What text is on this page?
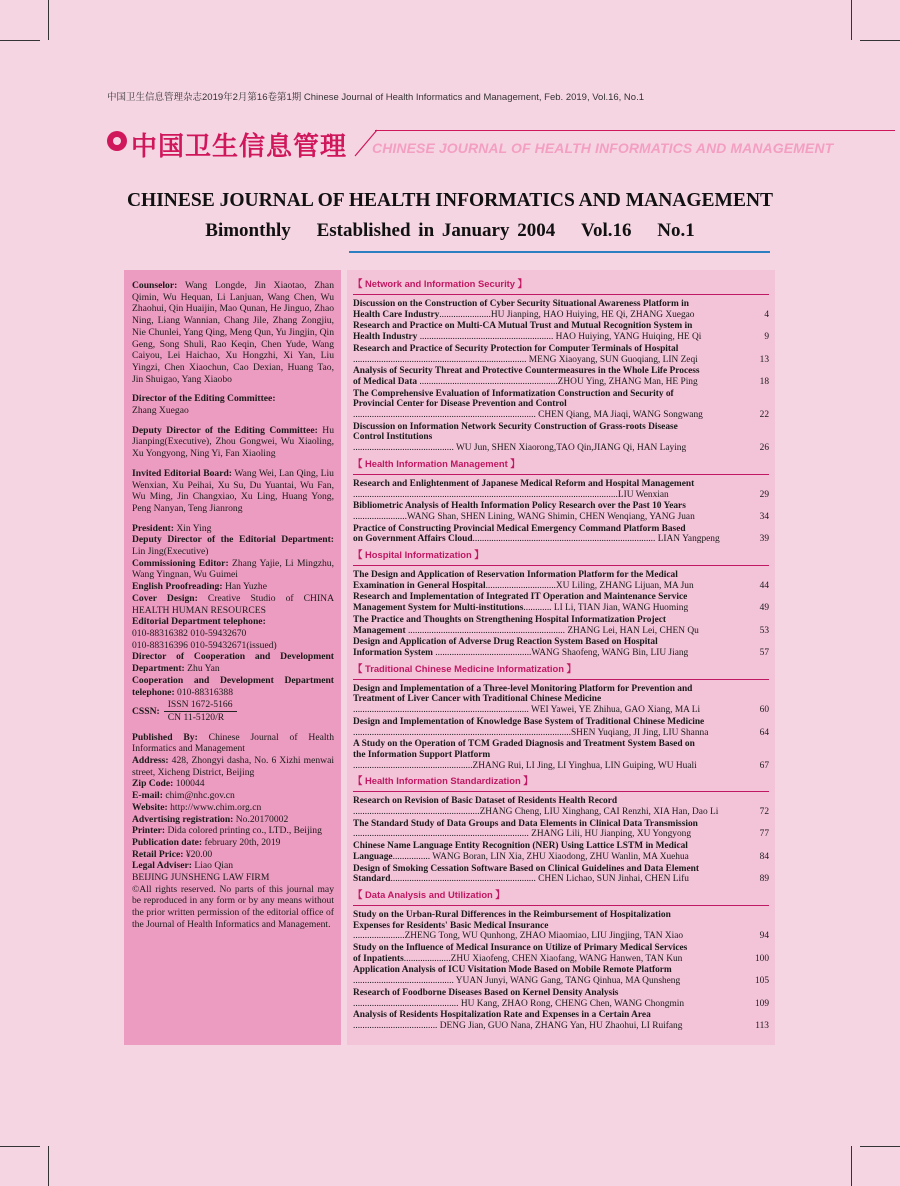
中国卫生信息管理杂志2019年2月第16卷第1期 Chinese Journal of Health Informatics and Management, Feb. 2019, Vol.16, No.1
中国卫生信息管理 CHINESE JOURNAL OF HEALTH INFORMATICS AND MANAGEMENT
CHINESE JOURNAL OF HEALTH INFORMATICS AND MANAGEMENT
Bimonthly Established in January 2004 Vol.16 No.1

Counselor: Wang Longde, Jin Xiaotao, Zhan Qimin, Wu Hequan, Li Lanjuan, Wang Chen, Wu Zhaohui, Qin Huaijin, Mao Qunan, He Jinguo, Zhao Ning, Liang Wannian, Chang Jile, Zhang Zongjiu, Nie Chunlei, Yang Qing, Meng Qun, Yu Jingjin, Qin Geng, Song Shuli, Rao Keqin, Chen Yude, Wang Caiyou, Lei Haichao, Xu Hongzhi, Xi Yan, Liu Yingzi, Chen Xiaochun, Cao Dexian, Huang Tao, Jin Shuigao, Yang Xiaobo

Director of the Editing Committee:
Zhang Xuegao

Deputy Director of the Editing Committee: Hu Jianping(Executive), Zhou Gongwei, Wu Xiaoling, Xu Yongyong, Ning Yi, Fan Xiaoling

Invited Editorial Board: Wang Wei, Lan Qing, Liu Wenxian, Xu Peihai, Xu Su, Du Yuantai, Wu Fan, Wu Ming, Jin Changxiao, Xu Ling, Huang Yong, Peng Nanyan, Teng Jianrong

President: Xin Ying

Deputy Director of the Editorial Department: Lin Jing(Executive)

Commissioning Editor: Zhang Yajie, Li Mingzhu, Wang Yingnan, Wu Guimei

English Proofreading: Han Yuzhe

Cover Design: Creative Studio of CHINA HEALTH HUMAN RESOURCES

Editorial Department telephone:
010-88316382 010-59432670
010-88316396 010-59432671(issued)

Director of Cooperation and Development Department: Zhu Yan

Cooperation and Development Department telephone: 010-88316388

CSSN:
ISSN 1672-5166
CN 11-5120/R

Published By: Chinese Journal of Health Informatics and Management

Address: 428, Zhongyi dasha, No. 6 Xizhi menwai street, Xicheng District, Beijing

Zip Code: 100044

E-mail: chim@nhc.gov.cn

Website: http://www.chim.org.cn

Advertising registration: No.20170002

Printer: Dida colored printing co., LTD., Beijing

Publication date: february 20th, 2019

Retail Price: ¥20.00

Legal Adviser: Liao Qian

BEIJING JUNSHENG LAW FIRM

©All rights reserved. No parts of this journal may be reproduced in any form or by any means without the prior written permission of the editorial office of the Journal of Health Informatics and Management.

【 Network and Information Security 】
Discussion on the Construction of Cyber Security Situational Awareness Platform in
Health Care Industry......................HU Jianping, HAO Huiying, HE Qi, ZHANG Xuegao	4
Research and Practice on Multi-CA Mutual Trust and Mutual Recognition System in
Health Industry ......................................................... HAO Huiying, YANG Huiqing, HE Qi	9
Research and Practice of Security Protection for Computer Terminals of Hospital
.......................................................................... MENG Xiaoyang, SUN Guoqiang, LIN Zeqi	13
Analysis of Security Threat and Protective Countermeasures in the Whole Life Process
of Medical Data ...........................................................ZHOU Ying, ZHANG Man, HE Ping	18
The Comprehensive Evaluation of Informatization Construction and Security of
Provincial Center for Disease Prevention and Control
.............................................................................. CHEN Qiang, MA Jiaqi, WANG Songwang	22
Discussion on Information Network Security Construction of Grass-roots Disease
Control Institutions
........................................... WU Jun, SHEN Xiaorong,TAO Qin,JIANG Qi, HAN Laying	26
【 Health Information Management 】
Research and Enlightenment of Japanese Medical Reform and Hospital Management
.................................................................................................................LIU Wenxian	29
Bibliometric Analysis of Health Information Policy Research over the Past 10 Years
.......................WANG Shan, SHEN Lining, WANG Shimin, CHEN Wenqiang, YANG Juan	34
Practice of Constructing Provincial Medical Emergency Command Platform Based
on Government Affairs Cloud.............................................................................. LIAN Yangpeng	39
【 Hospital Informatization 】
The Design and Application of Reservation Information Platform for the Medical
Examination in General Hospital..............................XU Liling, ZHANG Lijuan, MA Jun	44
Research and Implementation of Integrated IT Operation and Maintenance Service
Management System for Multi-institutions............ LI Li, TIAN Jian, WANG Huoming	49
The Practice and Thoughts on Strengthening Hospital Informatization Project
Management ................................................................... ZHANG Lei, HAN Lei, CHEN Qu	53
Design and Application of Adverse Drug Reaction System Based on Hospital
Information System .........................................WANG Shaofeng, WANG Bin, LIU Jiang	57
【 Traditional Chinese Medicine Informatization 】
Design and Implementation of a Three-level Monitoring Platform for Prevention and
Treatment of Liver Cancer with Traditional Chinese Medicine
........................................................................... WEI Yawei, YE Zhihua, GAO Xiang, MA Li	60
Design and Implementation of Knowledge Base System of Traditional Chinese Medicine
.............................................................................................SHEN Yuqiang, JI Jing, LIU Shanna	64
A Study on the Operation of TCM Graded Diagnosis and Treatment System Based on
the Information Support Platform
...................................................ZHANG Rui, LI Jing, LI Yinghua, LIN Guiping, WU Huali	67
【 Health Information Standardization 】
Research on Revision of Basic Dataset of Residents Health Record
......................................................ZHANG Cheng, LIU Xinghang, CAI Renzhi, XIA Han, Dao Li	72
The Standard Study of Data Groups and Data Elements in Clinical Data Transmission
........................................................................... ZHANG Lili, HU Jianping, XU Yongyong	77
Chinese Name Language Entity Recognition (NER) Using Lattice LSTM in Medical
Language................ WANG Boran, LIN Xia, ZHU Xiaodong, ZHU Wanlin, MA Xuehua	84
Design of Smoking Cessation Software Based on Clinical Guidelines and Data Element
Standard.............................................................. CHEN Lichao, SUN Jinhai, CHEN Lifu	89
【 Data Analysis and Utilization 】
Study on the Urban-Rural Differences in the Reimbursement of Hospitalization
Expenses for Residents' Basic Medical Insurance
......................ZHENG Tong, WU Qunhong, ZHAO Miaomiao, LIU Jingjing, TAN Xiao	94
Study on the Influence of Medical Insurance on Utilize of Primary Medical Services
of Inpatients....................ZHU Xiaofeng, CHEN Xiaofang, WANG Hanwen, TAN Kun	100
Application Analysis of ICU Visitation Mode Based on Mobile Remote Platform
........................................... YUAN Junyi, WANG Gang, TANG Qinhua, MA Qunsheng	105
Research of Foodborne Diseases Based on Kernel Density Analysis
............................................. HU Kang, ZHAO Rong, CHENG Chen, WANG Chongmin	109
Analysis of Residents Hospitalization Rate and Expenses in a Certain Area
.................................... DENG Jian, GUO Nana, ZHANG Yan, HU Zhaohui, LI Ruifang	113
